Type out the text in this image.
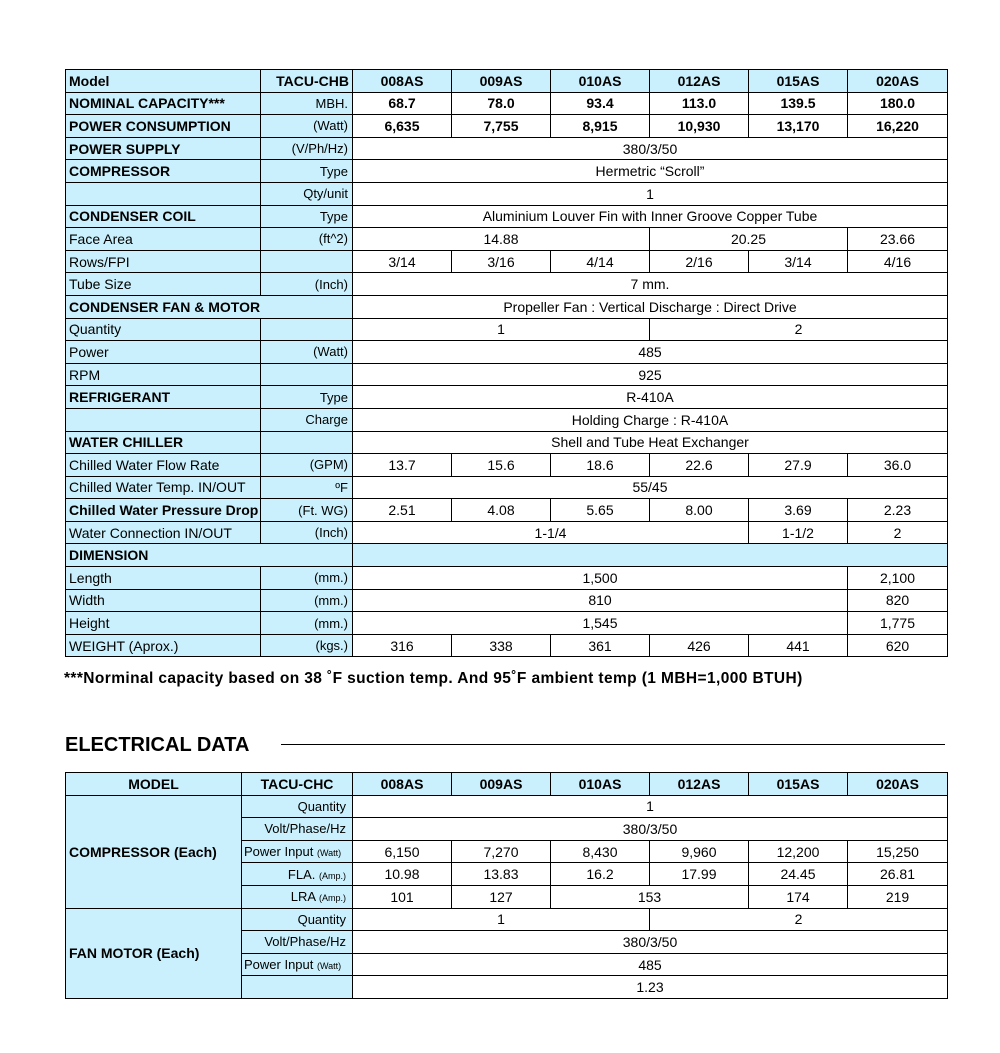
Model	TACU-CHB	008AS	009AS	010AS	012AS	015AS	020AS
NOMINAL CAPACITY***	MBH.	68.7	78.0	93.4	113.0	139.5	180.0
POWER CONSUMPTION	(Watt)	6,635	7,755	8,915	10,930	13,170	16,220
POWER SUPPLY	(V/Ph/Hz)	380/3/50					
COMPRESSOR	Type	Hermetric “Scroll”					
	Qty/unit	1					
CONDENSER COIL	Type	Aluminium Louver Fin with Inner Groove Copper Tube					
Face Area	(ft^2)	14.88			20.25		23.66
Rows/FPI		3/14	3/16	4/14	2/16	3/14	4/16
Tube Size	(Inch)	7 mm.					
CONDENSER FAN & MOTOR		Propeller Fan : Vertical Discharge : Direct Drive					
Quantity		1			2		
Power	(Watt)	485					
RPM		925					
REFRIGERANT	Type	R-410A					
	Charge	Holding Charge : R-410A					
WATER CHILLER		Shell and Tube Heat Exchanger					
Chilled Water Flow Rate	(GPM)	13.7	15.6	18.6	22.6	27.9	36.0
Chilled Water Temp. IN/OUT	ºF	55/45					
Chilled Water Pressure Drop	(Ft. WG)	2.51	4.08	5.65	8.00	3.69	2.23
Water Connection IN/OUT	(Inch)	1-1/4				1-1/2	2
DIMENSION							
Length	(mm.)	1,500					2,100
Width	(mm.)	810					820
Height	(mm.)	1,545					1,775
WEIGHT (Aprox.)	(kgs.)	316	338	361	426	441	620
***Norminal capacity based on 38 ˚F suction temp. And 95˚F ambient temp (1 MBH=1,000 BTUH)
ELECTRICAL DATA
MODEL	TACU-CHC	008AS	009AS	010AS	012AS	015AS	020AS
COMPRESSOR (Each)	Quantity	1					
	Volt/Phase/Hz	380/3/50					
	Power Input (Watt)	6,150	7,270	8,430	9,960	12,200	15,250
	FLA. (Amp.)	10.98	13.83	16.2	17.99	24.45	26.81
	LRA (Amp.)	101	127	153		174	219
FAN MOTOR (Each)	Quantity	1			2		
	Volt/Phase/Hz	380/3/50					
	Power Input (Watt)	485					
		1.23					
